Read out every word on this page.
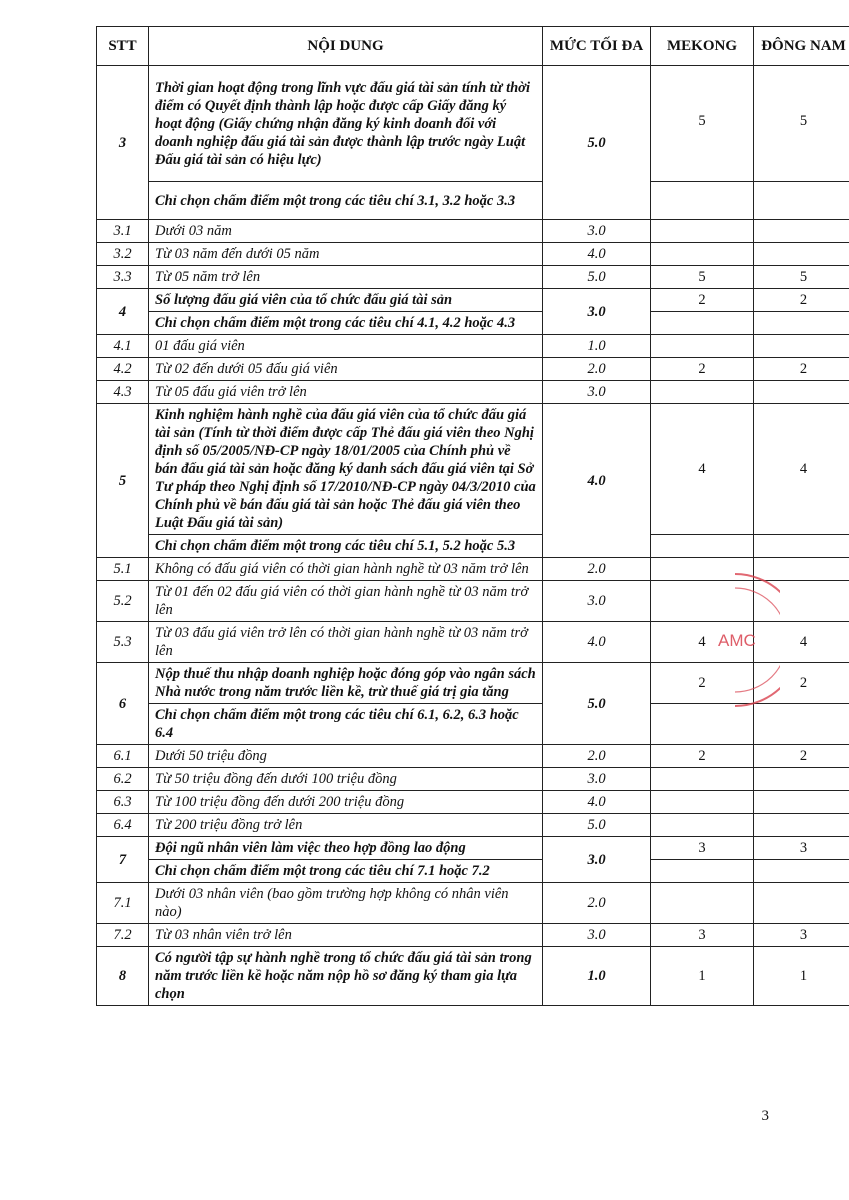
STT	NỘI DUNG	MỨC TỐI ĐA	MEKONG	ĐÔNG NAM
3	Thời gian hoạt động trong lĩnh vực đấu giá tài sản tính từ thời điểm có Quyết định thành lập hoặc được cấp Giấy đăng ký hoạt động (Giấy chứng nhận đăng ký kinh doanh đối với doanh nghiệp đấu giá tài sản được thành lập trước ngày Luật Đấu giá tài sản có hiệu lực)	5.0	5	5
	Chỉ chọn chấm điểm một trong các tiêu chí 3.1, 3.2 hoặc 3.3			
3.1	Dưới 03 năm	3.0		
3.2	Từ 03 năm đến dưới 05 năm	4.0		
3.3	Từ 05 năm trở lên	5.0	5	5
4	Số lượng đấu giá viên của tổ chức đấu giá tài sản	3.0	2	2
	Chỉ chọn chấm điểm một trong các tiêu chí 4.1, 4.2 hoặc 4.3			
4.1	01 đấu giá viên	1.0		
4.2	Từ 02 đến dưới 05 đấu giá viên	2.0	2	2
4.3	Từ 05 đấu giá viên trở lên	3.0		
5	Kinh nghiệm hành nghề của đấu giá viên của tổ chức đấu giá tài sản (Tính từ thời điểm được cấp Thẻ đấu giá viên theo Nghị định số 05/2005/NĐ-CP ngày 18/01/2005 của Chính phủ về bán đấu giá tài sản hoặc đăng ký danh sách đấu giá viên tại Sở Tư pháp theo Nghị định số 17/2010/NĐ-CP ngày 04/3/2010 của Chính phủ về bán đấu giá tài sản hoặc Thẻ đấu giá viên theo Luật Đấu giá tài sản)	4.0	4	4
	Chỉ chọn chấm điểm một trong các tiêu chí 5.1, 5.2 hoặc 5.3			
5.1	Không có đấu giá viên có thời gian hành nghề từ 03 năm trở lên	2.0		
5.2	Từ 01 đến 02 đấu giá viên có thời gian hành nghề từ 03 năm trở lên	3.0		
5.3	Từ 03 đấu giá viên trở lên có thời gian hành nghề từ 03 năm trở lên	4.0	4	4
6	Nộp thuế thu nhập doanh nghiệp hoặc đóng góp vào ngân sách Nhà nước trong năm trước liền kề, trừ thuế giá trị gia tăng	5.0	2	2
	Chỉ chọn chấm điểm một trong các tiêu chí 6.1, 6.2, 6.3 hoặc 6.4			
6.1	Dưới 50 triệu đồng	2.0	2	2
6.2	Từ 50 triệu đồng đến dưới 100 triệu đồng	3.0		
6.3	Từ 100 triệu đồng đến dưới 200 triệu đồng	4.0		
6.4	Từ 200 triệu đồng trở lên	5.0		
7	Đội ngũ nhân viên làm việc theo hợp đồng lao động	3.0	3	3
	Chỉ chọn chấm điểm một trong các tiêu chí 7.1 hoặc 7.2			
7.1	Dưới 03 nhân viên (bao gồm trường hợp không có nhân viên nào)	2.0		
7.2	Từ 03 nhân viên trở lên	3.0	3	3
8	Có người tập sự hành nghề trong tổ chức đấu giá tài sản trong năm trước liền kề hoặc năm nộp hồ sơ đăng ký tham gia lựa chọn	1.0	1	1
AMC
3
